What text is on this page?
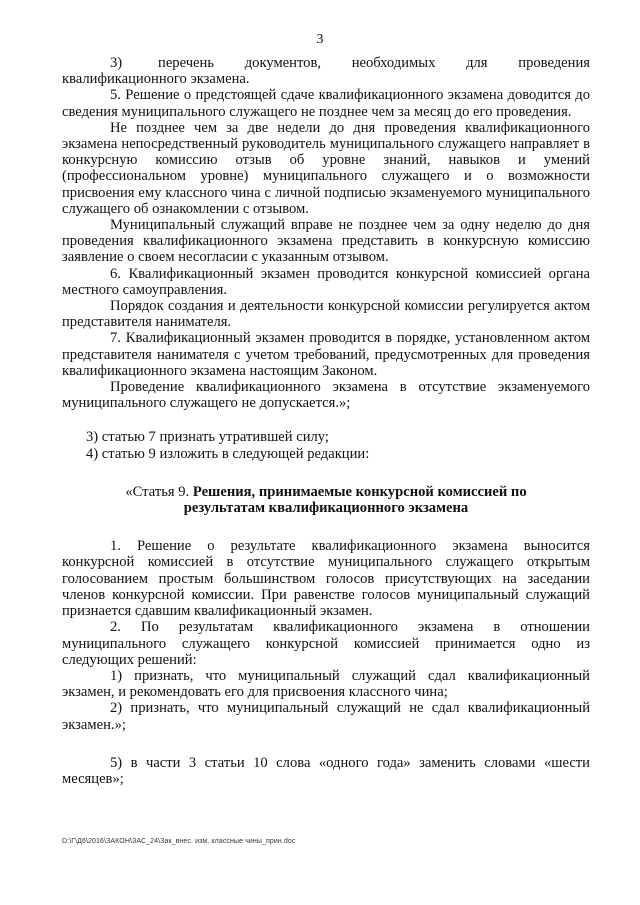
3

3)       перечень      документов,      необходимых      для      проведения квалификационного экзамена.

5. Решение о предстоящей сдаче квалификационного экзамена доводится до сведения муниципального служащего не позднее чем за месяц до его проведения.

Не позднее чем за две недели до дня проведения квалификационного экзамена непосредственный руководитель муниципального служащего направляет в конкурсную комиссию отзыв об уровне знаний, навыков и умений (профессиональном уровне) муниципального служащего и о возможности присвоения ему классного чина с личной подписью экзаменуемого муниципального служащего об ознакомлении с отзывом.

Муниципальный служащий вправе не позднее чем за одну неделю до дня проведения квалификационного экзамена представить в конкурсную комиссию заявление о своем несогласии с указанным отзывом.

6. Квалификационный экзамен проводится конкурсной комиссией органа местного самоуправления.

Порядок создания и деятельности конкурсной комиссии регулируется актом представителя нанимателя.

7. Квалификационный экзамен проводится в порядке, установленном актом представителя нанимателя с учетом требований, предусмотренных для проведения квалификационного экзамена настоящим Законом.

Проведение квалификационного экзамена в отсутствие экзаменуемого муниципального служащего не допускается.»;

3) статью 7 признать утратившей силу;

4) статью 9 изложить в следующей редакции:

«Статья 9. Решения, принимаемые конкурсной комиссией по
результатам квалификационного экзамена

1. Решение о результате квалификационного экзамена выносится конкурсной комиссией в отсутствие муниципального служащего открытым голосованием простым большинством голосов присутствующих на заседании членов конкурсной комиссии. При равенстве голосов муниципальный служащий признается сдавшим квалификационный экзамен.

2. По результатам квалификационного экзамена в отношении муниципального служащего конкурсной комиссией принимается одно из следующих решений:

1) признать, что муниципальный служащий сдал квалификационный экзамен, и рекомендовать его для присвоения классного чина;

2) признать, что муниципальный служащий не сдал квалификационный экзамен.»;

5) в части 3 статьи 10 слова «одного года» заменить словами «шести месяцев»;

D:\Г\Д6\2016\ЗАКОН\ЗАС_24\Зак_внес. изм. классные чины_прин.doc
